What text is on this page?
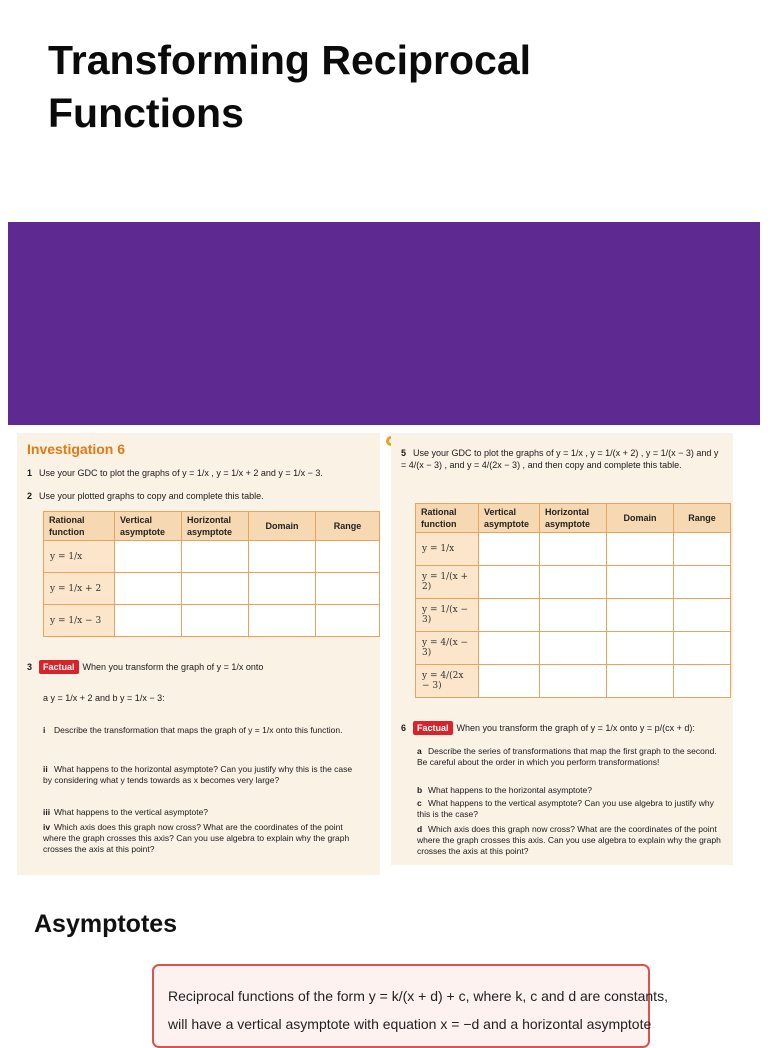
Transforming Reciprocal Functions
Investigation 6
1 Use your GDC to plot the graphs of y = 1/x , y = 1/x + 2 and y = 1/x − 3.
2 Use your plotted graphs to copy and complete this table.
Rational function	Vertical asymptote	Horizontal asymptote	Domain	Range
y = 1/x				
y = 1/x + 2				
y = 1/x − 3				
3 Factual When you transform the graph of y = 1/x onto
a y = 1/x + 2 and b y = 1/x − 3:
i Describe the transformation that maps the graph of y = 1/x onto this function.
ii What happens to the horizontal asymptote? Can you justify why this is the case by considering what y tends towards as x becomes very large?
iii What happens to the vertical asymptote?
iv Which axis does this graph now cross? What are the coordinates of the point where the graph crosses this axis? Can you use algebra to explain why the graph crosses the axis at this point?
5 Use your GDC to plot the graphs of y = 1/x , y = 1/(x + 2) , y = 1/(x − 3) and y = 4/(x − 3) , and y = 4/(2x − 3) , and then copy and complete this table.
Rational function	Vertical asymptote	Horizontal asymptote	Domain	Range
y = 1/x				
y = 1/(x + 2)				
y = 1/(x − 3)				
y = 4/(x − 3)				
y = 4/(2x − 3)				
6 Factual When you transform the graph of y = 1/x onto y = p/(cx + d):
a Describe the series of transformations that map the first graph to the second. Be careful about the order in which you perform transformations!
b What happens to the horizontal asymptote?
c What happens to the vertical asymptote? Can you use algebra to justify why this is the case?
d Which axis does this graph now cross? What are the coordinates of the point where the graph crosses this axis. Can you use algebra to explain why the graph crosses the axis at this point?
Asymptotes
Reciprocal functions of the form y = k/(x + d) + c, where k, c and d are constants,
will have a vertical asymptote with equation x = −d and a horizontal asymptote
